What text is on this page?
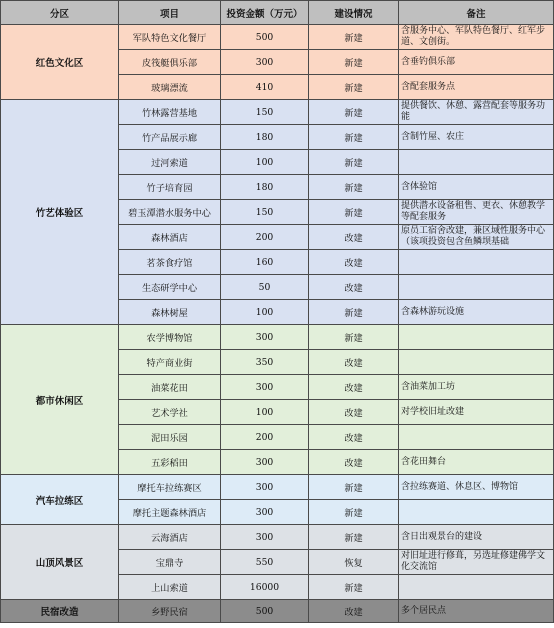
分区	项目	投资金额（万元）	建设情况	备注
红色文化区	军队特色文化餐厅	500	新建	含服务中心、军队特色餐厅、红军步道、文创街。
	皮筏艇俱乐部	300	新建	含垂钓俱乐部
	玻璃漂流	410	新建	含配套服务点
竹艺体验区	竹林露营基地	150	新建	提供餐饮、休憩、露营配套等服务功能
	竹产品展示廊	180	新建	含制竹屋、农庄
	过河索道	100	新建	
	竹子培育园	180	新建	含体验馆
	碧玉潭潜水服务中心	150	新建	提供潜水设备租售、更衣、休憩教学等配套服务
	森林酒店	200	改建	原员工宿舍改建，兼区域性服务中心（该项投资包含鱼鳞坝基础
	茗茶食疗馆	160	改建	
	生态研学中心	50	改建	
	森林树屋	100	新建	含森林游玩设施
都市休闲区	农学博物馆	300	新建	
	特产商业街	350	改建	
	油菜花田	300	改建	含油菜加工坊
	艺术学社	100	改建	对学校旧址改建
	泥田乐园	200	改建	
	五彩稻田	300	改建	含花田舞台
汽车拉练区	摩托车拉练赛区	300	新建	含拉练赛道、休息区、博物馆
	摩托主题森林酒店	300	新建	
山顶风景区	云海酒店	300	新建	含日出观景台的建设
	宝鼎寺	550	恢复	对旧址进行修葺，另选址修建佛学文化交流馆
	上山索道	16000	新建	
民宿改造	乡野民宿	500	改建	多个居民点
